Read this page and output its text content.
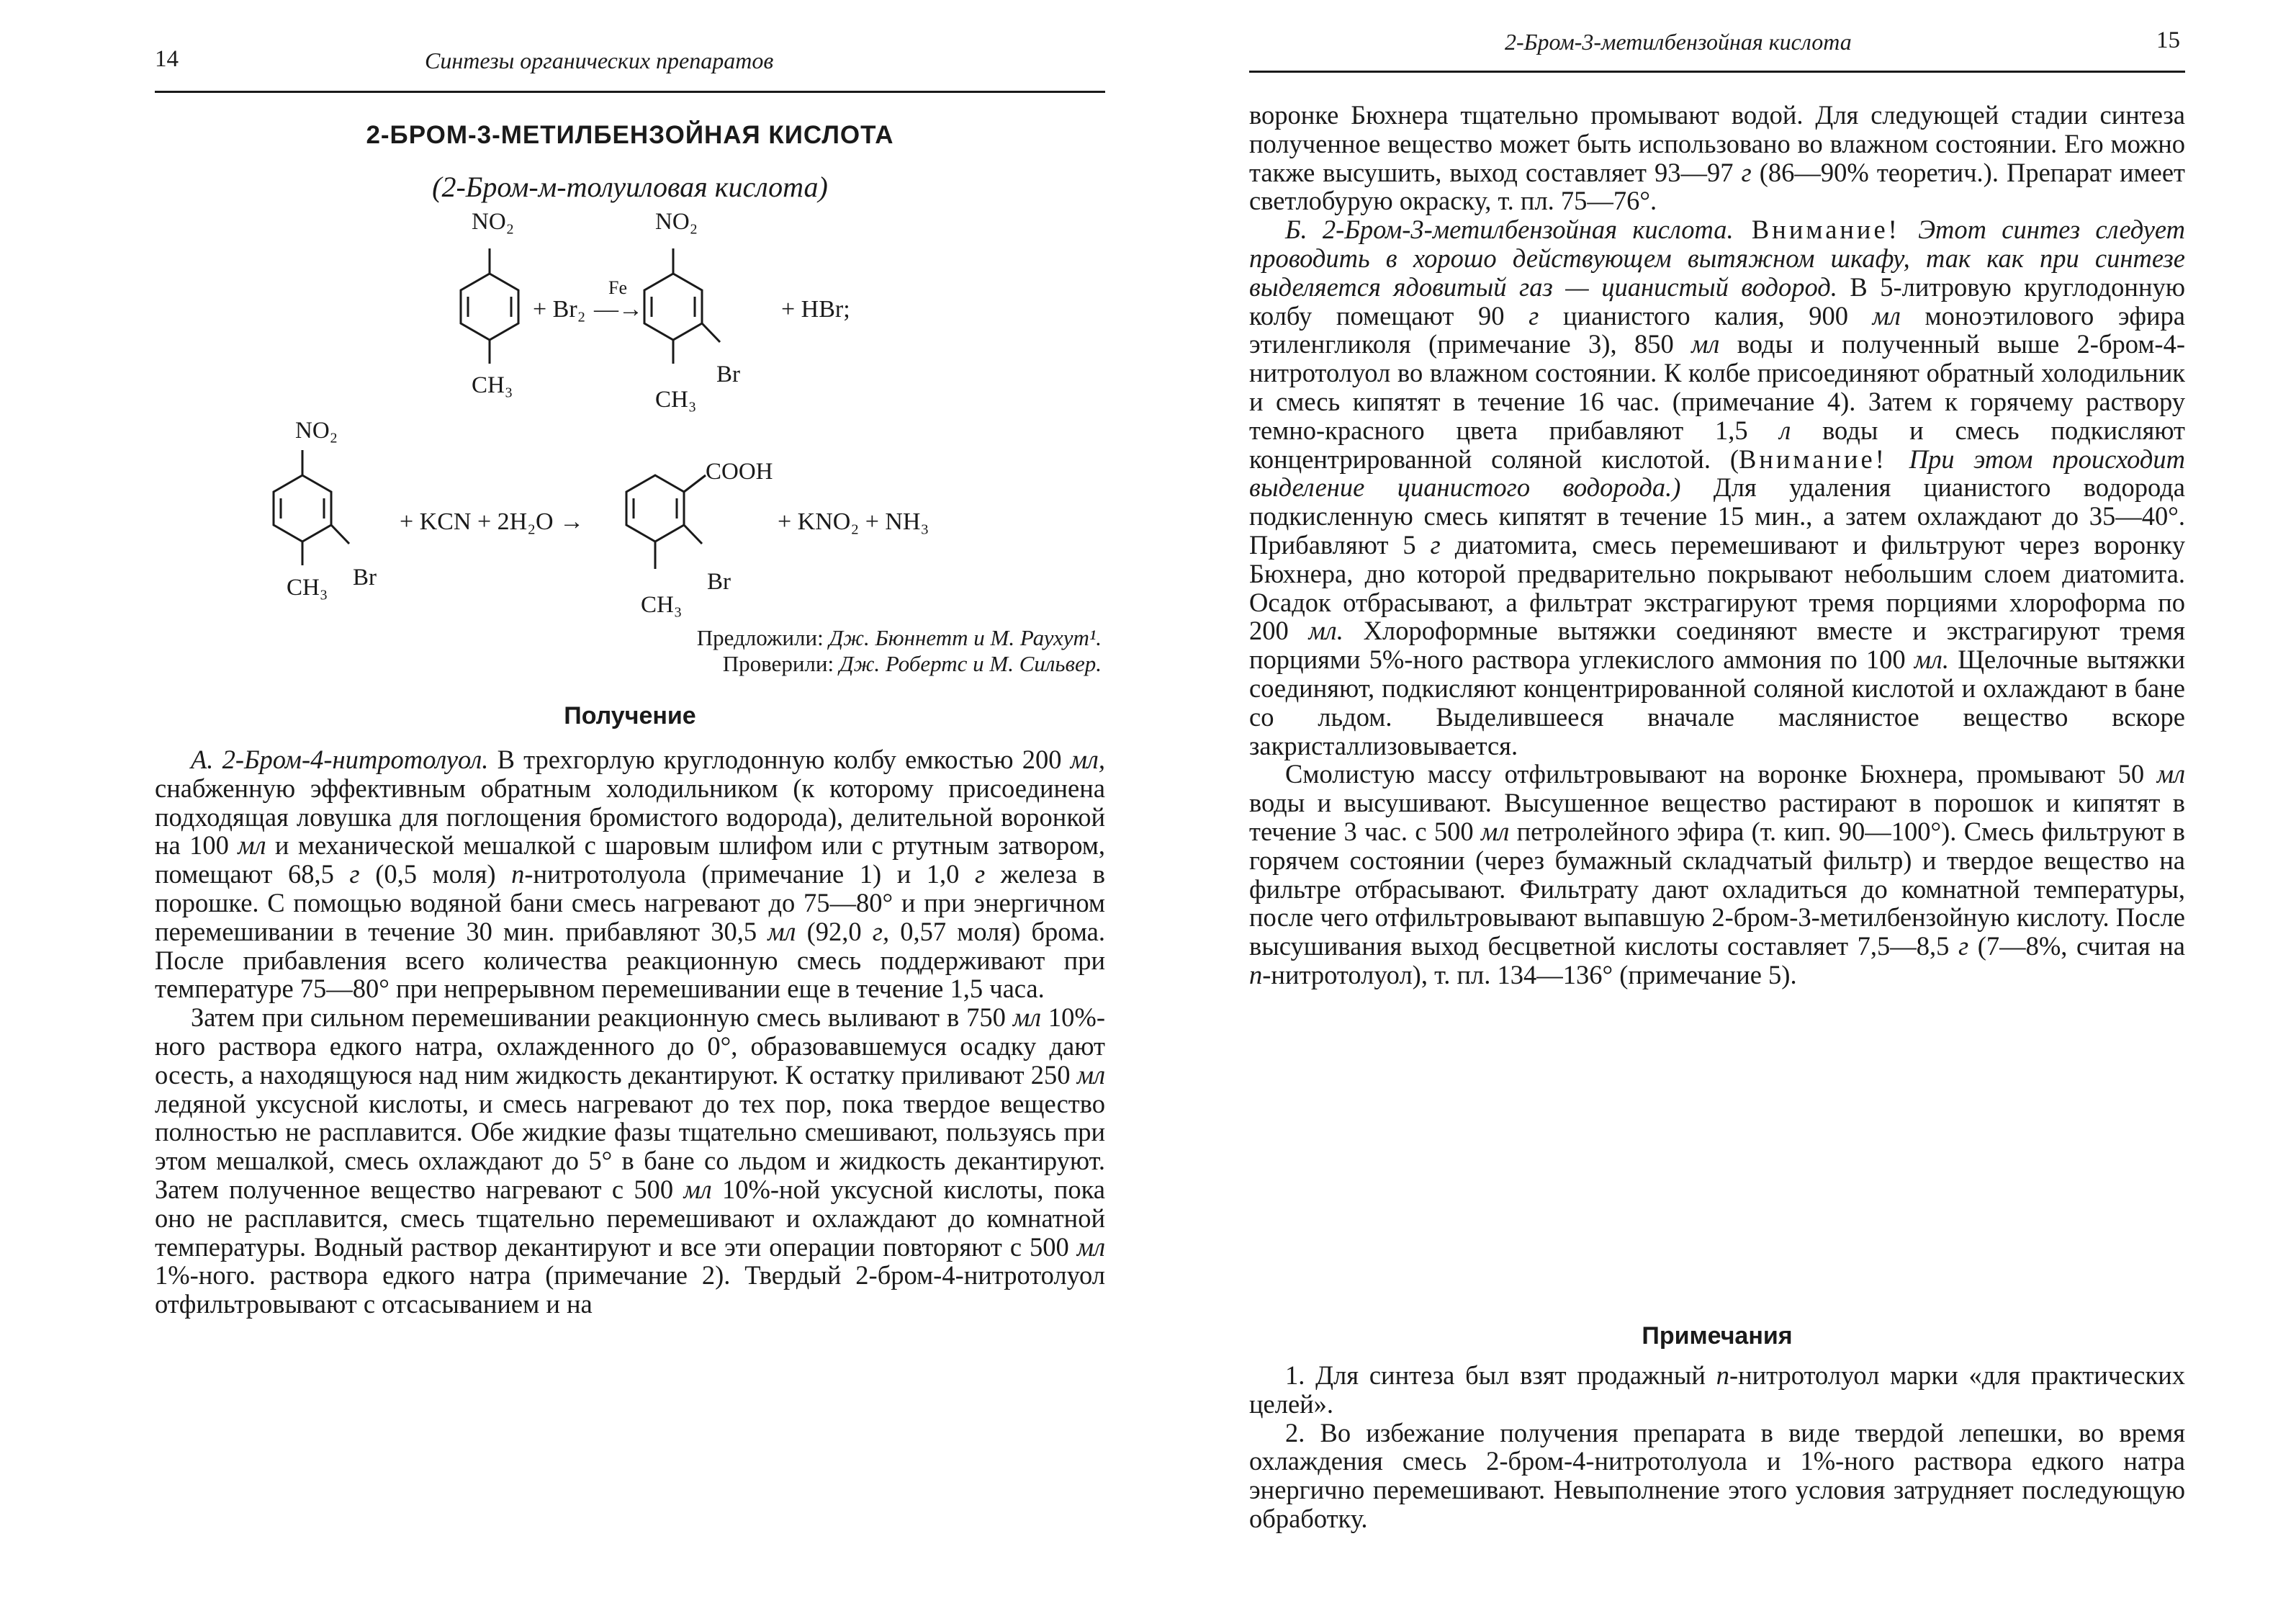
14	Синтезы органических препаратов
2-БРОМ-3-МЕТИЛБЕНЗОЙНАЯ КИСЛОТА
(2-Бром-м-толуиловая кислота)
NO₂
CH₃
+ Br₂
Fe
—→
NO₂
Br
CH₃
+ HBr;
NO₂
Br
CH₃
+ KCN + 2H₂O →
COOH
Br
CH₃
+ KNO₂ + NH₃
Предложили: Дж. Бюннетт и М. Раухут¹.
Проверили: Дж. Робертс и М. Сильвер.
Получение

А. 2-Бром-4-нитротолуол. В трехгорлую круглодонную колбу емкостью 200 мл, снабженную эффективным обратным холодильником (к которому присоединена подходящая ловушка для поглощения бромистого водорода), делительной воронкой на 100 мл и механической мешалкой с шаровым шлифом или с ртутным затвором, помещают 68,5 г (0,5 моля) п-нитротолуола (примечание 1) и 1,0 г железа в порошке. С помощью водяной бани смесь нагревают до 75—80° и при энергичном перемешивании в течение 30 мин. прибавляют 30,5 мл (92,0 г, 0,57 моля) брома. После прибавления всего количества реакционную смесь поддерживают при температуре 75—80° при непрерывном перемешивании еще в течение 1,5 часа.

Затем при сильном перемешивании реакционную смесь выливают в 750 мл 10%-ного раствора едкого натра, охлажденного до 0°, образовавшемуся осадку дают осесть, а находящуюся над ним жидкость декантируют. К остатку приливают 250 мл ледяной уксусной кислоты, и смесь нагревают до тех пор, пока твердое вещество полностью не расплавится. Обе жидкие фазы тщательно смешивают, пользуясь при этом мешалкой, смесь охлаждают до 5° в бане со льдом и жидкость декантируют. Затем полученное вещество нагревают с 500 мл 10%-ной уксусной кислоты, пока оно не расплавится, смесь тщательно перемешивают и охлаждают до комнатной температуры. Водный раствор декантируют и все эти операции повторяют с 500 мл 1%-ного. раствора едкого натра (примечание 2). Твердый 2-бром-4-нитротолуол отфильтровывают с отсасыванием и на

2-Бром-3-метилбензойная кислота	15

воронке Бюхнера тщательно промывают водой. Для следующей стадии синтеза полученное вещество может быть использовано во влажном состоянии. Его можно также высушить, выход составляет 93—97 г (86—90% теоретич.). Препарат имеет светлобурую окраску, т. пл. 75—76°.

Б. 2-Бром-3-метилбензойная кислота. Внимание! Этот синтез следует проводить в хорошо действующем вытяжном шкафу, так как при синтезе выделяется ядовитый газ — цианистый водород. В 5-литровую круглодонную колбу помещают 90 г цианистого калия, 900 мл моноэтилового эфира этиленгликоля (примечание 3), 850 мл воды и полученный выше 2-бром-4-нитротолуол во влажном состоянии. К колбе присоединяют обратный холодильник и смесь кипятят в течение 16 час. (примечание 4). Затем к горячему раствору темно-красного цвета прибавляют 1,5 л воды и смесь подкисляют концентрированной соляной кислотой. (Внимание! При этом происходит выделение цианистого водорода.) Для удаления цианистого водорода подкисленную смесь кипятят в течение 15 мин., а затем охлаждают до 35—40°. Прибавляют 5 г диатомита, смесь перемешивают и фильтруют через воронку Бюхнера, дно которой предварительно покрывают небольшим слоем диатомита. Осадок отбрасывают, а фильтрат экстрагируют тремя порциями хлороформа по 200 мл. Хлороформные вытяжки соединяют вместе и экстрагируют тремя порциями 5%-ного раствора углекислого аммония по 100 мл. Щелочные вытяжки соединяют, подкисляют концентрированной соляной кислотой и охлаждают в бане со льдом. Выделившееся вначале маслянистое вещество вскоре закристаллизовывается.

Смолистую массу отфильтровывают на воронке Бюхнера, промывают 50 мл воды и высушивают. Высушенное вещество растирают в порошок и кипятят в течение 3 час. с 500 мл петролейного эфира (т. кип. 90—100°). Смесь фильтруют в горячем состоянии (через бумажный складчатый фильтр) и твердое вещество на фильтре отбрасывают. Фильтрату дают охладиться до комнатной температуры, после чего отфильтровывают выпавшую 2-бром-3-метилбензойную кислоту. После высушивания выход бесцветной кислоты составляет 7,5—8,5 г (7—8%, считая на п-нитротолуол), т. пл. 134—136° (примечание 5).

Примечания

1. Для синтеза был взят продажный п-нитротолуол марки «для практических целей».

2. Во избежание получения препарата в виде твердой лепешки, во время охлаждения смесь 2-бром-4-нитротолуола и 1%-ного раствора едкого натра энергично перемешивают. Невыполнение этого условия затрудняет последующую обработку.
